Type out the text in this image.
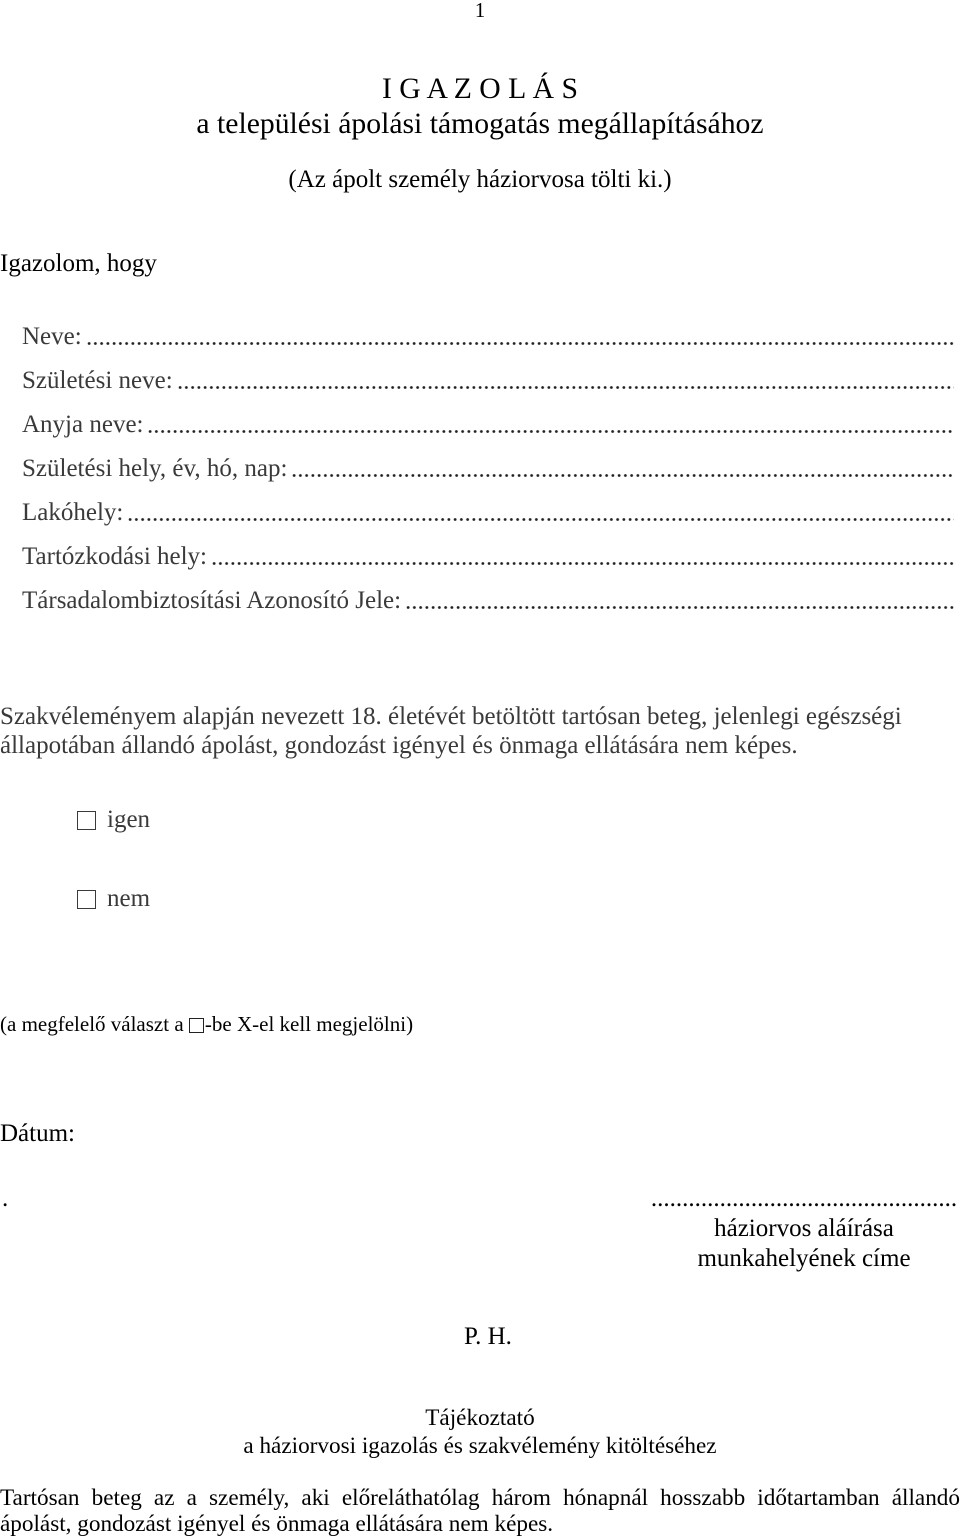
1
I G A Z O L Á S
a települési ápolási támogatás megállapításához
(Az ápolt személy háziorvosa tölti ki.)
Igazolom, hogy
Neve:
Születési neve:
Anyja neve:
Születési hely, év, hó, nap:
Lakóhely:
Tartózkodási hely:
Társadalombiztosítási Azonosító Jele:
Szakvéleményem alapján nevezett 18. életévét betöltött tartósan beteg, jelenlegi egészségi
állapotában állandó ápolást, gondozást igényel és önmaga ellátására nem képes.
igen
nem
(a megfelelő választ a -be X-el kell megjelölni)
Dátum:
.	.................................................
háziorvos aláírása
munkahelyének címe
P. H.
Tájékoztató
a háziorvosi igazolás és szakvélemény kitöltéséhez
Tartósan beteg az a személy, aki előreláthatólag három hónapnál hosszabb időtartamban állandó
ápolást, gondozást igényel és önmaga ellátására nem képes.
